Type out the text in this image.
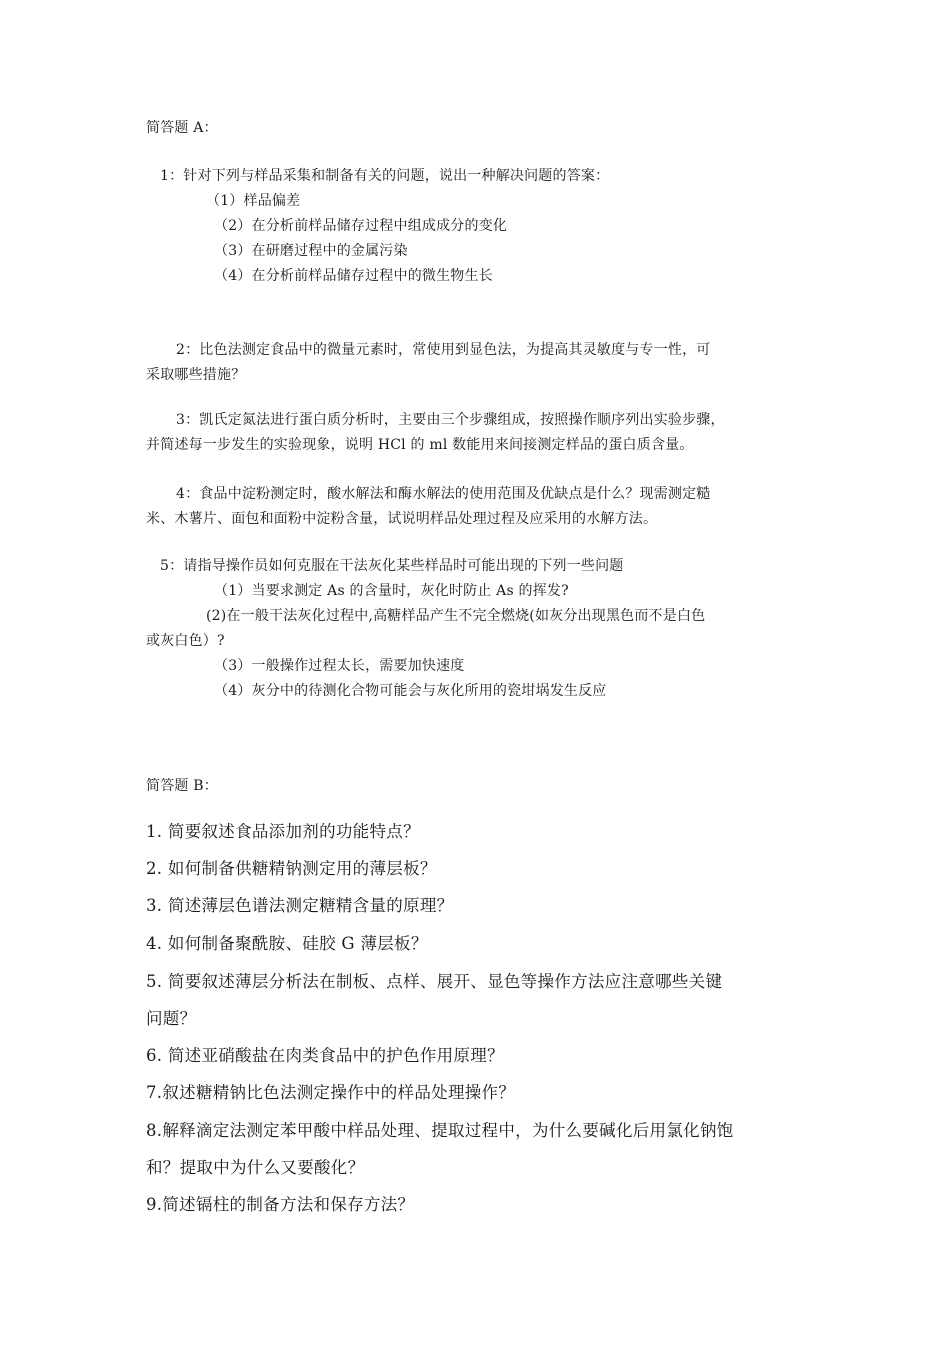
简答题 A：
1：针对下列与样品采集和制备有关的问题，说出一种解决问题的答案：
（1）样品偏差
（2）在分析前样品储存过程中组成成分的变化
（3）在研磨过程中的金属污染
（4）在分析前样品储存过程中的微生物生长
2：比色法测定食品中的微量元素时，常使用到显色法，为提高其灵敏度与专一性，可
采取哪些措施？
3：凯氏定氮法进行蛋白质分析时，主要由三个步骤组成，按照操作顺序列出实验步骤，
并简述每一步发生的实验现象，说明 HCl 的 ml 数能用来间接测定样品的蛋白质含量。
4：食品中淀粉测定时，酸水解法和酶水解法的使用范围及优缺点是什么？现需测定糙
米、木薯片、面包和面粉中淀粉含量，试说明样品处理过程及应采用的水解方法。
5：请指导操作员如何克服在干法灰化某些样品时可能出现的下列一些问题
（1）当要求测定 As 的含量时，灰化时防止 As 的挥发?
(2)在一般干法灰化过程中,高糖样品产生不完全燃烧(如灰分出现黑色而不是白色
或灰白色）?
（3）一般操作过程太长，需要加快速度
（4）灰分中的待测化合物可能会与灰化所用的瓷坩埚发生反应
简答题 B：
1. 简要叙述食品添加剂的功能特点？
2. 如何制备供糖精钠测定用的薄层板？
3. 简述薄层色谱法测定糖精含量的原理？
4. 如何制备聚酰胺、硅胶 G 薄层板？
5. 简要叙述薄层分析法在制板、点样、展开、显色等操作方法应注意哪些关键
问题？
6. 简述亚硝酸盐在肉类食品中的护色作用原理？
7.叙述糖精钠比色法测定操作中的样品处理操作？
8.解释滴定法测定苯甲酸中样品处理、提取过程中，为什么要碱化后用氯化钠饱
和？提取中为什么又要酸化？
9.简述镉柱的制备方法和保存方法？
